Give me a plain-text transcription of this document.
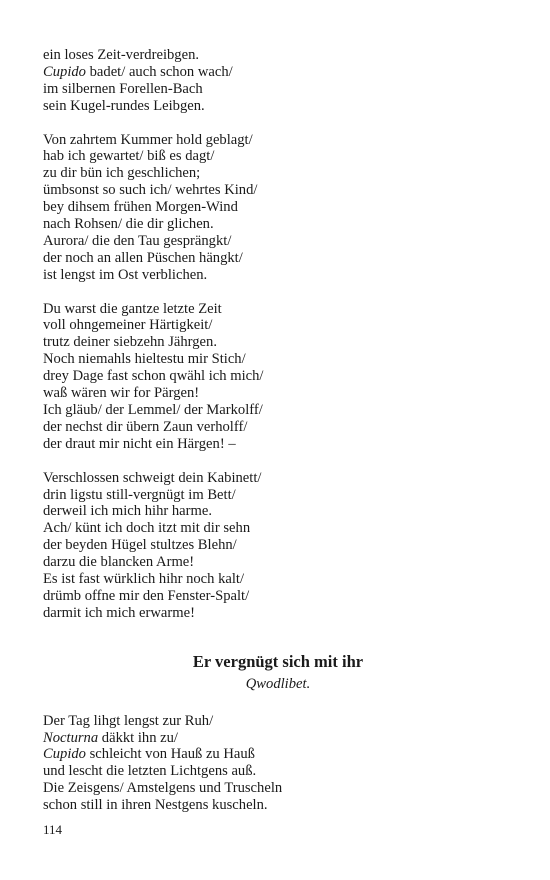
ein loses Zeit-verdreibgen.
Cupido badet/ auch schon wach/
im silbernen Forellen-Bach
sein Kugel-rundes Leibgen.
Von zahrtem Kummer hold geblagt/
hab ich gewartet/ biß es dagt/
zu dir bün ich geschlichen;
ümbsonst so such ich/ wehrtes Kind/
bey dihsem frühen Morgen-Wind
nach Rohsen/ die dir glichen.
Aurora/ die den Tau gesprängkt/
der noch an allen Püschen hängkt/
ist lengst im Ost verblichen.
Du warst die gantze letzte Zeit
voll ohngemeiner Härtigkeit/
trutz deiner siebzehn Jährgen.
Noch niemahls hieltestu mir Stich/
drey Dage fast schon qwähl ich mich/
waß wären wir for Pärgen!
Ich gläub/ der Lemmel/ der Markolff/
der nechst dir übern Zaun verholff/
der draut mir nicht ein Härgen! –
Verschlossen schweigt dein Kabinett/
drin ligstu still-vergnügt im Bett/
derweil ich mich hihr harme.
Ach/ künt ich doch itzt mit dir sehn
der beyden Hügel stultzes Blehn/
darzu die blancken Arme!
Es ist fast würklich hihr noch kalt/
drümb offne mir den Fenster-Spalt/
darmit ich mich erwarme!
Er vergnügt sich mit ihr
Qwodlibet.
Der Tag lihgt lengst zur Ruh/
Nocturna däkkt ihn zu/
Cupido schleicht von Hauß zu Hauß
und lescht die letzten Lichtgens auß.
Die Zeisgens/ Amstelgens und Truscheln
schon still in ihren Nestgens kuscheln.
114
